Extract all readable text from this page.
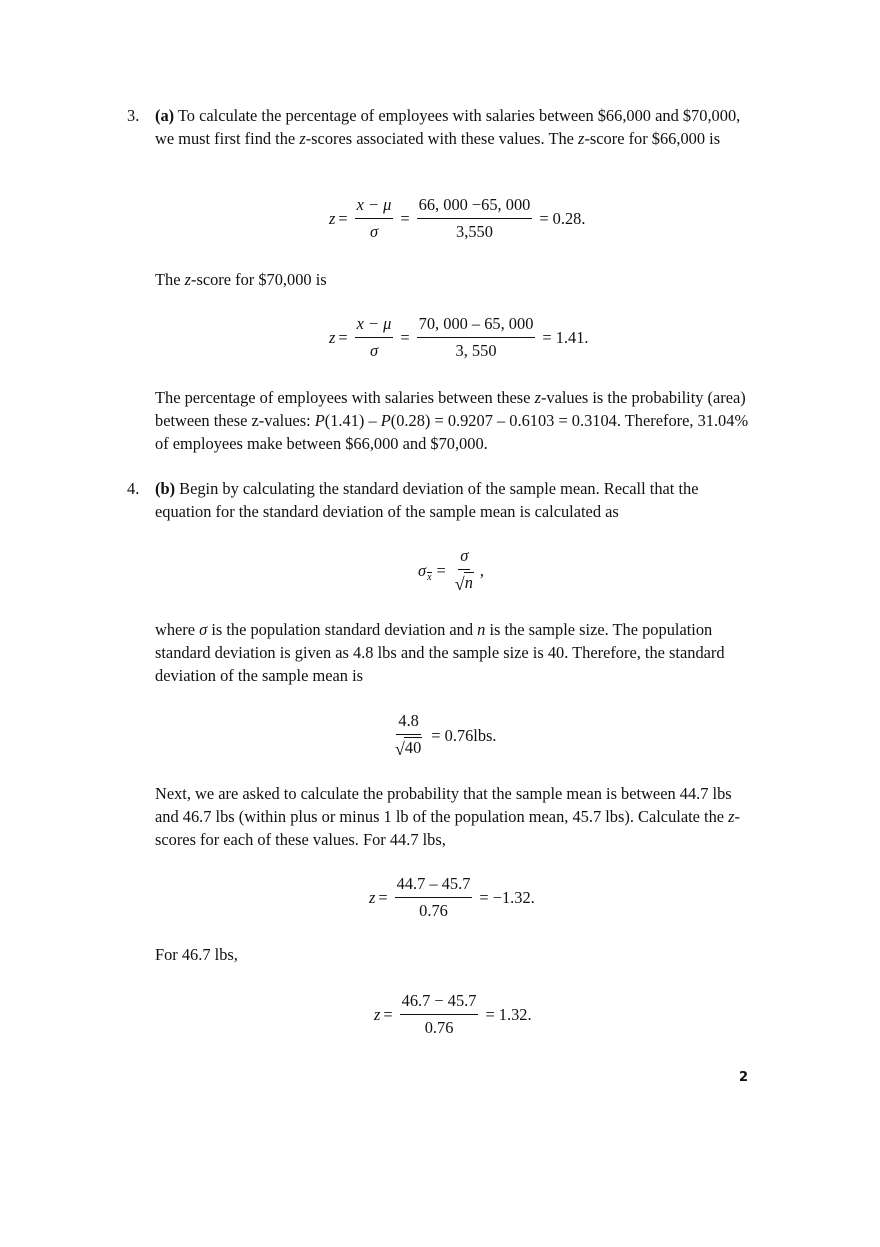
3. (a) To calculate the percentage of employees with salaries between $66,000 and $70,000, we must first find the z-scores associated with these values. The z-score for $66,000 is

$z = \frac{x - \mu}{\sigma} = \frac{66, 000 -65, 000}{3,550} = 0.28$.

The z-score for $70,000 is

$z = \frac{x - \mu}{\sigma} = \frac{70, 000 - 65, 000}{3, 550} = 1.41$.

The percentage of employees with salaries between these z-values is the probability (area) between these z-values: P(1.41) – P(0.28) = 0.9207 – 0.6103 = 0.3104. Therefore, 31.04% of employees make between $66,000 and $70,000.

4. (b) Begin by calculating the standard deviation of the sample mean. Recall that the equation for the standard deviation of the sample mean is calculated as

σ $x = \frac{\sigma}{√ n}$ ,

where σ is the population standard deviation and n is the sample size. The population standard deviation is given as 4.8 lbs and the sample size is 40. Therefore, the standard deviation of the sample mean is

$\frac{4.8}{√ 40} = 0.76lbs$.

Next, we are asked to calculate the probability that the sample mean is between 44.7 lbs and 46.7 lbs (within plus or minus 1 lb of the population mean, 45.7 lbs). Calculate the z-scores for each of these values. For 44.7 lbs,

$z = \frac{44.7 - 45.7}{0.76} = -1.32$.

For 46.7 lbs,

$z = \frac{46.7 - 45.7}{0.76} = 1.32$.
2
